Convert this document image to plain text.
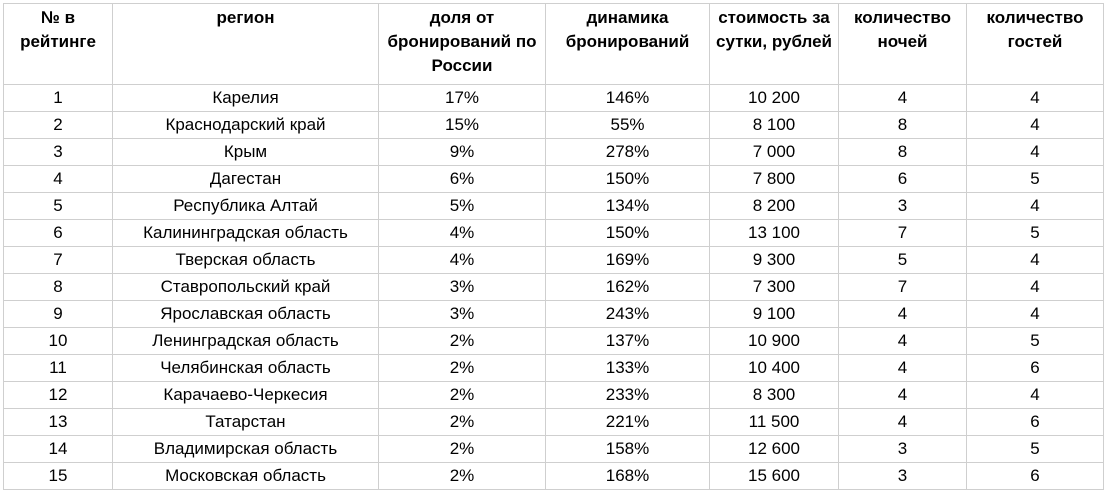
№ в рейтинге	регион	доля от бронирований по России	динамика бронирований	стоимость за сутки, рублей	количество ночей	количество гостей
1	Карелия	17%	146%	10 200	4	4
2	Краснодарский край	15%	55%	8 100	8	4
3	Крым	9%	278%	7 000	8	4
4	Дагестан	6%	150%	7 800	6	5
5	Республика Алтай	5%	134%	8 200	3	4
6	Калининградская область	4%	150%	13 100	7	5
7	Тверская область	4%	169%	9 300	5	4
8	Ставропольский край	3%	162%	7 300	7	4
9	Ярославская область	3%	243%	9 100	4	4
10	Ленинградская область	2%	137%	10 900	4	5
11	Челябинская область	2%	133%	10 400	4	6
12	Карачаево-Черкесия	2%	233%	8 300	4	4
13	Татарстан	2%	221%	11 500	4	6
14	Владимирская область	2%	158%	12 600	3	5
15	Московская область	2%	168%	15 600	3	6
